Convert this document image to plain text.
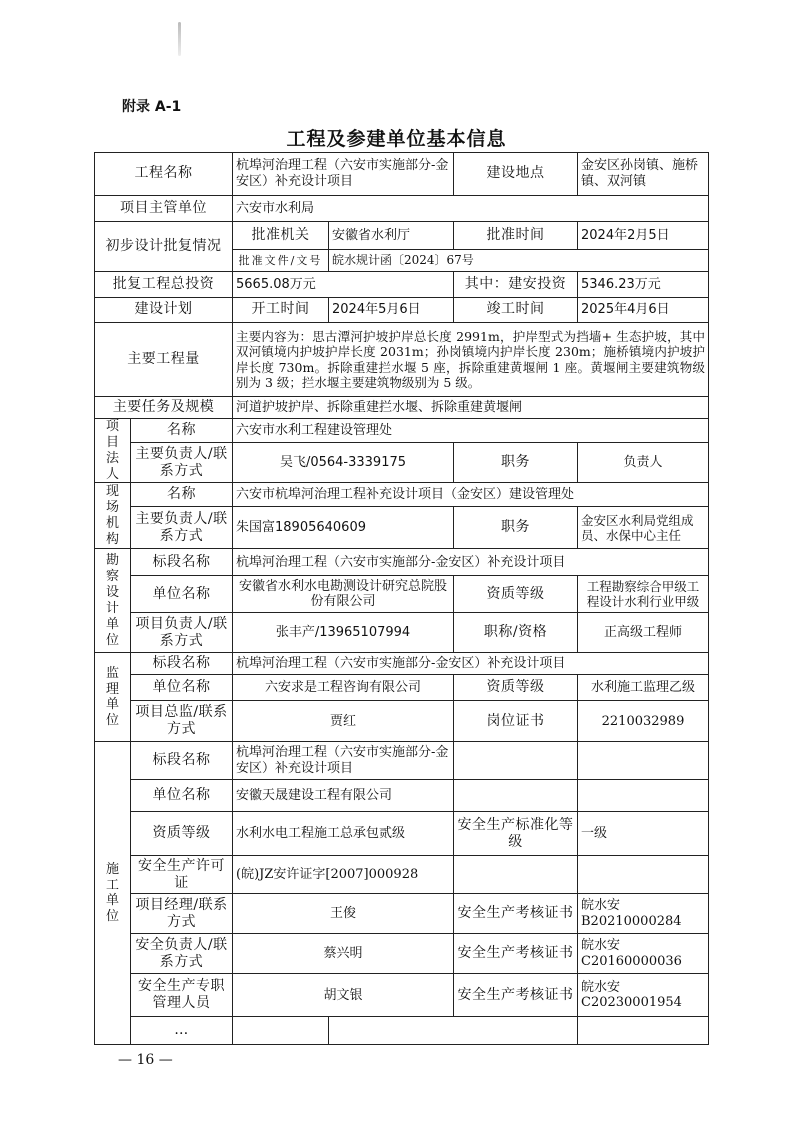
附录 A-1
工程及参建单位基本信息
工程名称		杭埠河治理工程（六安市实施部分-金安区）补充设计项目		建设地点	金安区孙岗镇、施桥镇、双河镇	
项目主管单位		六安市水利局				
初步设计批复情况		批准机关	安徽省水利厅	批准时间	2024年2月5日	
		批准文件/文号	皖水规计函〔2024〕67号			
批复工程总投资		5665.08万元		其中：建安投资	5346.23万元	
建设计划		开工时间	2024年5月6日	竣工时间	2025年4月6日	
主要工程量		主要内容为：思古潭河护坡护岸总长度 2991m，护岸型式为挡墙+ 生态护坡，其中双河镇境内护坡护岸长度 2031m；孙岗镇境内护岸长度 230m；施桥镇境内护坡护岸长度 730m。拆除重建拦水堰 5 座，拆除重建黄堰闸 1 座。黄堰闸主要建筑物级别为 3 级；拦水堰主要建筑物级别为 5 级。				
主要任务及规模		河道护坡护岸、拆除重建拦水堰、拆除重建黄堰闸				

项目法人	名称	六安市水利工程建设管理处				
	主要负责人/联系方式	吴飞/0564-3339175		职务	负责人	

现场机构	名称	六安市杭埠河治理工程补充设计项目（金安区）建设管理处				
	主要负责人/联系方式	朱国富18905640609		职务	金安区水利局党组成员、水保中心主任	

勘察设计单位	标段名称	杭埠河治理工程（六安市实施部分-金安区）补充设计项目				
	单位名称	安徽省水利水电勘测设计研究总院股份有限公司		资质等级	工程勘察综合甲级工程设计水利行业甲级	
	项目负责人/联系方式	张丰产/13965107994		职称/资格	正高级工程师	

监理单位	标段名称	杭埠河治理工程（六安市实施部分-金安区）补充设计项目				
	单位名称	六安求是工程咨询有限公司		资质等级	水利施工监理乙级	
	项目总监/联系方式	贾红		岗位证书	2210032989	

施工单位	标段名称	杭埠河治理工程（六安市实施部分-金安区）补充设计项目				
	单位名称	安徽天晟建设工程有限公司				
	资质等级	水利水电工程施工总承包贰级		安全生产标准化等级	一级	
	安全生产许可证	(皖)JZ安许证字[2007]000928				
	项目经理/联系方式	王俊		安全生产考核证书	皖水安B20210000284	
	安全负责人/联系方式	蔡兴明		安全生产考核证书	皖水安C20160000036	
	安全生产专职管理人员	胡文银		安全生产考核证书	皖水安C20230001954	
	…					
— 16 —
